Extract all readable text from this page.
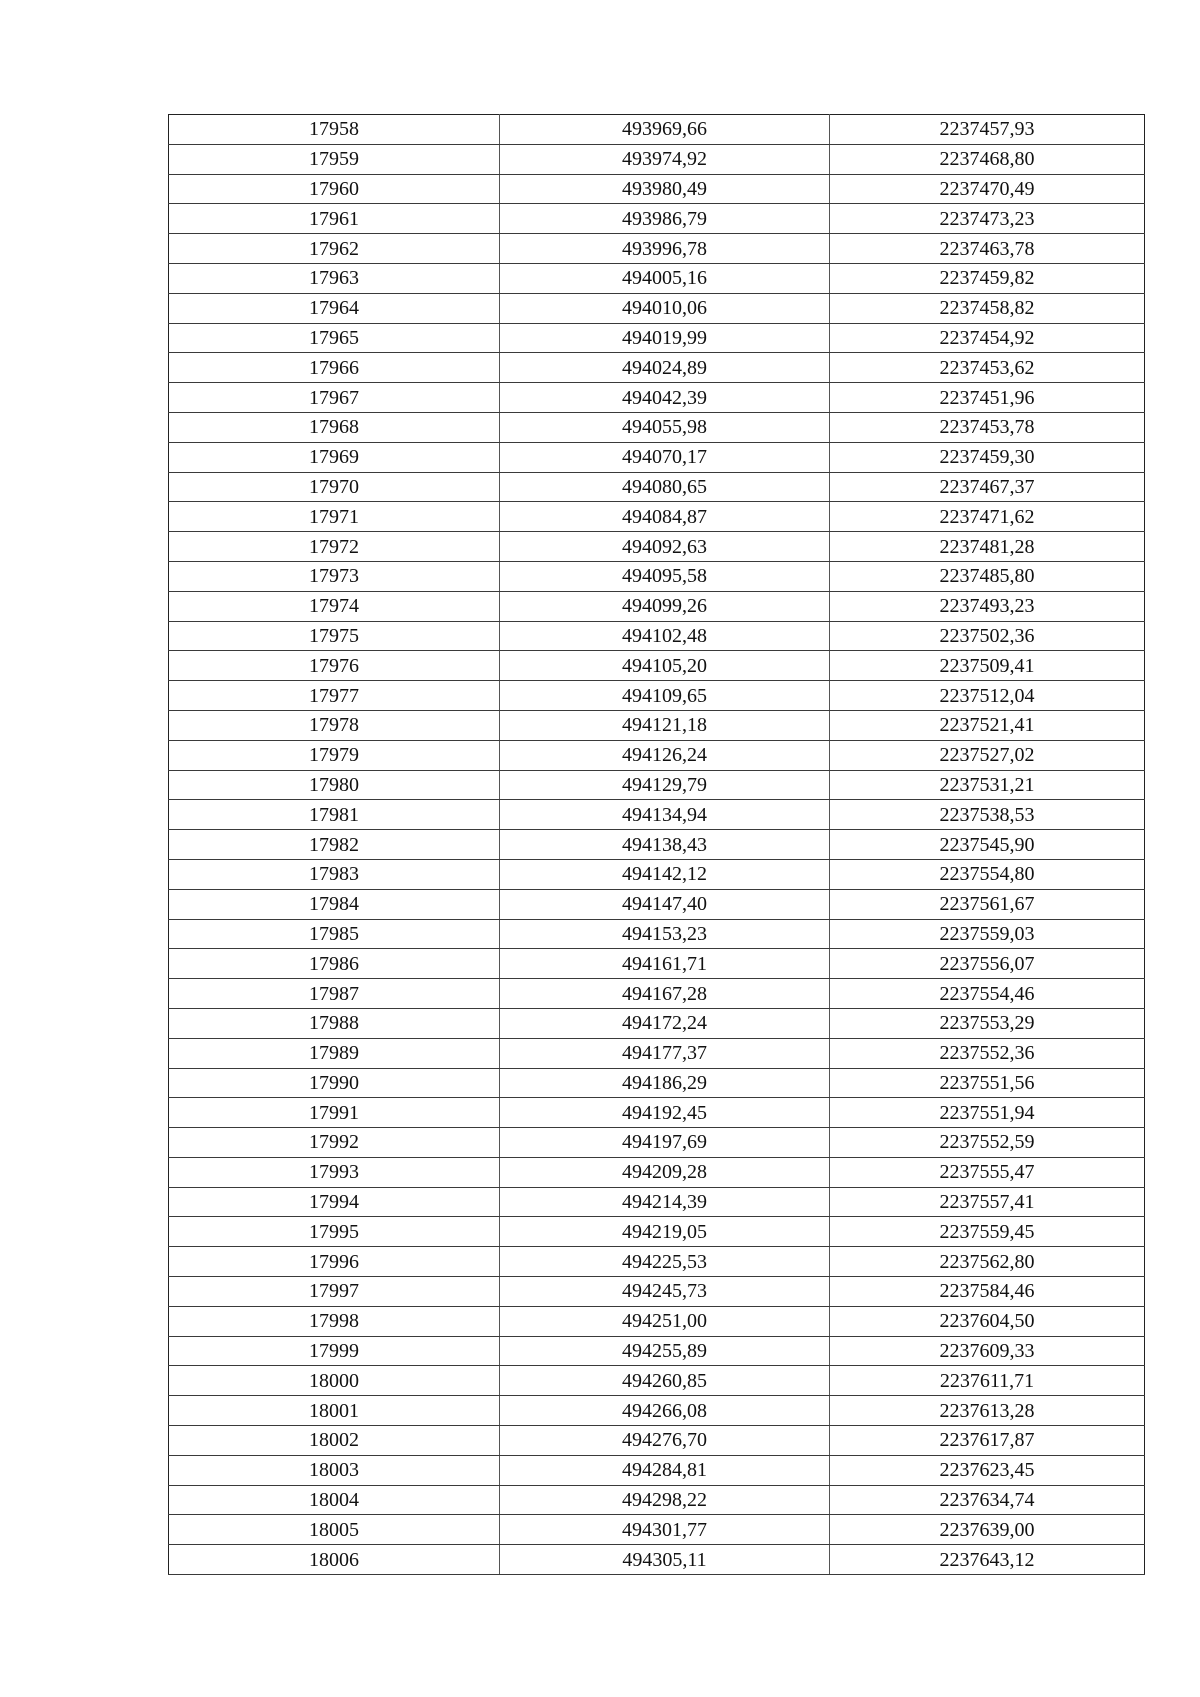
17958	493969,66	2237457,93
17959	493974,92	2237468,80
17960	493980,49	2237470,49
17961	493986,79	2237473,23
17962	493996,78	2237463,78
17963	494005,16	2237459,82
17964	494010,06	2237458,82
17965	494019,99	2237454,92
17966	494024,89	2237453,62
17967	494042,39	2237451,96
17968	494055,98	2237453,78
17969	494070,17	2237459,30
17970	494080,65	2237467,37
17971	494084,87	2237471,62
17972	494092,63	2237481,28
17973	494095,58	2237485,80
17974	494099,26	2237493,23
17975	494102,48	2237502,36
17976	494105,20	2237509,41
17977	494109,65	2237512,04
17978	494121,18	2237521,41
17979	494126,24	2237527,02
17980	494129,79	2237531,21
17981	494134,94	2237538,53
17982	494138,43	2237545,90
17983	494142,12	2237554,80
17984	494147,40	2237561,67
17985	494153,23	2237559,03
17986	494161,71	2237556,07
17987	494167,28	2237554,46
17988	494172,24	2237553,29
17989	494177,37	2237552,36
17990	494186,29	2237551,56
17991	494192,45	2237551,94
17992	494197,69	2237552,59
17993	494209,28	2237555,47
17994	494214,39	2237557,41
17995	494219,05	2237559,45
17996	494225,53	2237562,80
17997	494245,73	2237584,46
17998	494251,00	2237604,50
17999	494255,89	2237609,33
18000	494260,85	2237611,71
18001	494266,08	2237613,28
18002	494276,70	2237617,87
18003	494284,81	2237623,45
18004	494298,22	2237634,74
18005	494301,77	2237639,00
18006	494305,11	2237643,12
